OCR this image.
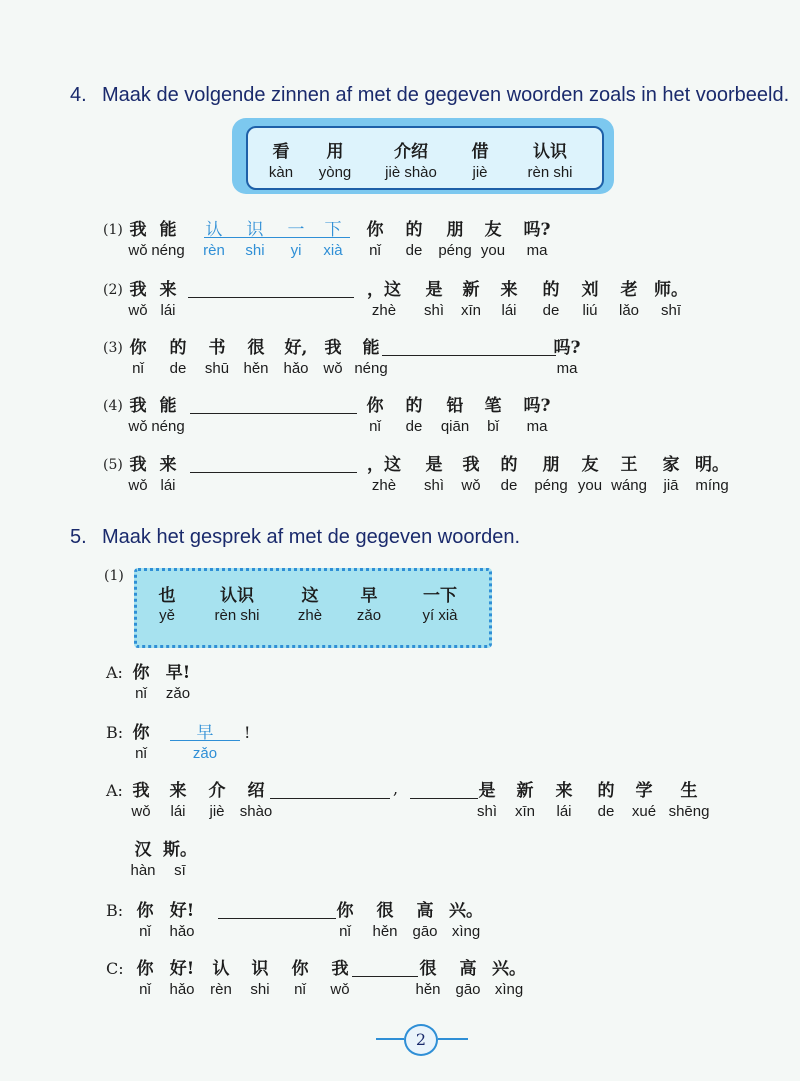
4. Maak de volgende zinnen af met de gegeven woorden zoals in het voorbeeld.
看
kàn
用
yòng
介绍
jiè shào
借
jiè
认识
rèn shi
(1) 我
wǒ
能
néng
认
rèn
识
shi
一
yi
下
xià
你
nǐ
的
de
朋
péng
友
you
吗?
ma
(2) 我
wǒ
来
lái
，这
zhè
是
shì
新
xīn
来
lái
的
de
刘
liú
老
lǎo
师。
shī
(3) 你
nǐ
的
de
书
shū
很
hěn
好,
hǎo
我
wǒ
能
néng
吗?
ma
(4) 我
wǒ
能
néng
你
nǐ
的
de
铅
qiān
笔
bǐ
吗?
ma
(5) 我
wǒ
来
lái
，这
zhè
是
shì
我
wǒ
的
de
朋
péng
友
you
王
wáng
家
jiā
明。
míng
5. Maak het gesprek af met de gegeven woorden.
(1)
也
yě
认识
rèn shi
这
zhè
早
zǎo
一下
yí xià
A: 你
nǐ
早!
zǎo
B: 你
nǐ
早
zǎo
!
A: 我
wǒ
来
lái
介
jiè
绍
shào
,	是
shì
新
xīn
来
lái
的
de
学
xué
生
shēng
汉
hàn
斯。
sī
B: 你
nǐ
好!
hǎo
你
nǐ
很
hěn
高
gāo
兴。
xìng
C: 你
nǐ
好!
hǎo
认
rèn
识
shi
你
nǐ
我
wǒ
很
hěn
高
gāo
兴。
xìng
2
